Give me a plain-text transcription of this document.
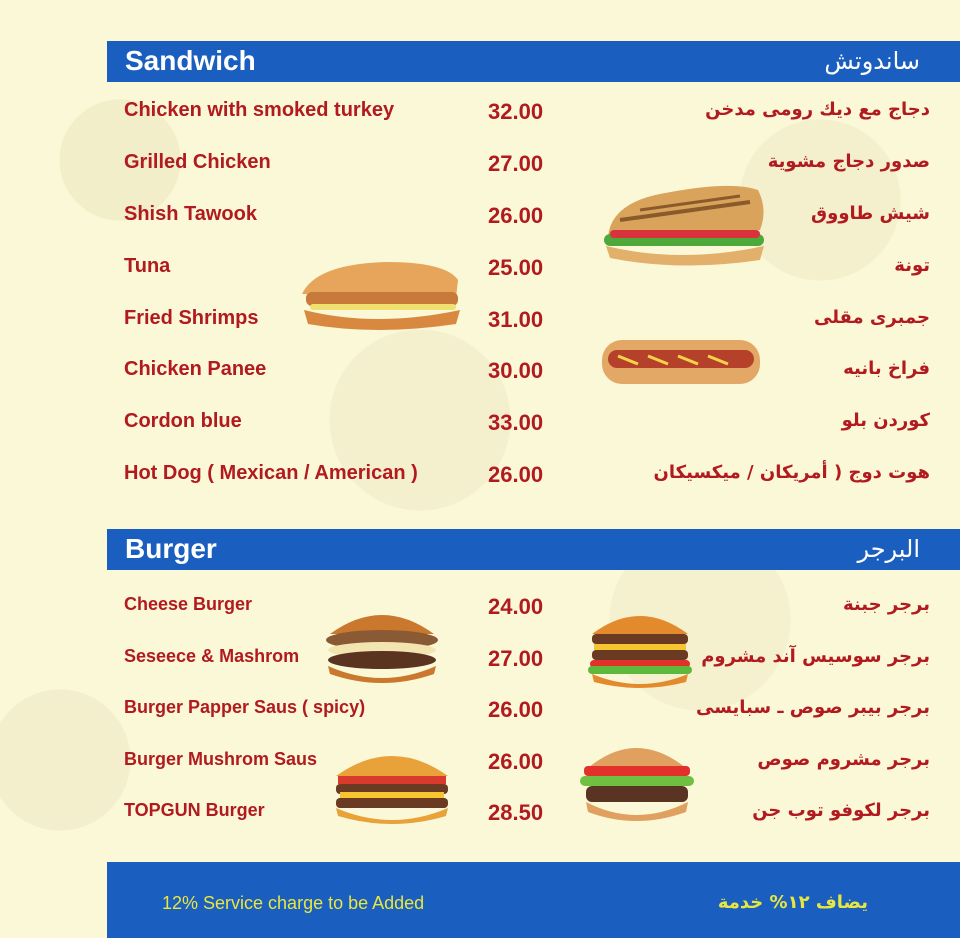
Sandwich	ساندوتش
Chicken with smoked turkey	32.00	دجاج مع ديك رومى مدخن
Grilled Chicken	27.00	صدور دجاج مشوية
Shish Tawook	26.00	شيش طاووق
Tuna	25.00	تونة
Fried Shrimps	31.00	جمبرى مقلى
Chicken Panee	30.00	فراخ بانيه
Cordon blue	33.00	كوردن بلو
Hot Dog ( Mexican / American )	26.00	هوت دوج ( أمريكان / ميكسيكان
Burger	البرجر
Cheese Burger	24.00	برجر جبنة
Seseece & Mashrom	27.00	برجر سوسيس آند مشروم
Burger Papper Saus ( spicy)	26.00	برجر بيبر صوص ـ سبايسى
Burger Mushrom Saus	26.00	برجر مشروم صوص
TOPGUN Burger	28.50	برجر لكوفو توب جن
12% Service charge to be Added	يضاف ١٢% خدمة
